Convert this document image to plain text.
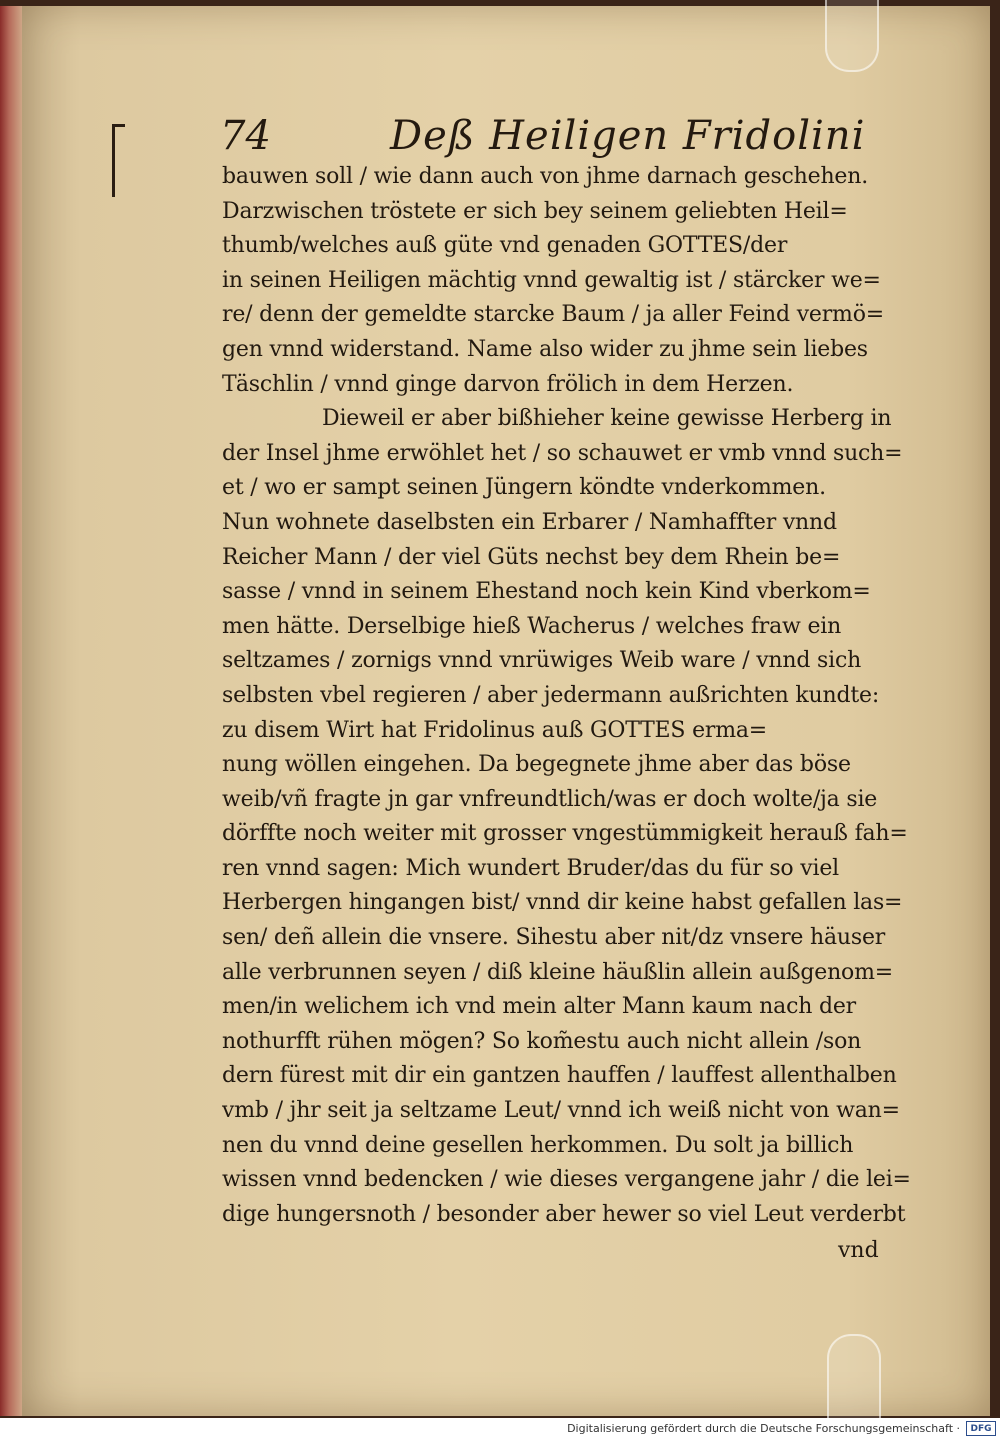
74	Deß Heiligen Fridolini
bauwen soll / wie dann auch von jhme darnach geschehen.
Darzwischen tröstete er sich bey seinem geliebten Heil=
thumb/welches auß güte vnd genaden GOTTES/der
in seinen Heiligen mächtig vnnd gewaltig ist / stärcker we=
re/ denn der gemeldte starcke Baum / ja aller Feind vermö=
gen vnnd widerstand. Name also wider zu jhme sein liebes
Täschlin / vnnd ginge darvon frölich in dem Herzen.
Dieweil er aber bißhieher keine gewisse Herberg in
der Insel jhme erwöhlet het / so schauwet er vmb vnnd such=
et / wo er sampt seinen Jüngern köndte vnderkommen.
Nun wohnete daselbsten ein Erbarer / Namhaffter vnnd
Reicher Mann / der viel Güts nechst bey dem Rhein be=
sasse / vnnd in seinem Ehestand noch kein Kind vberkom=
men hätte. Derselbige hieß Wacherus / welches fraw ein
seltzames / zornigs vnnd vnrüwiges Weib ware / vnnd sich
selbsten vbel regieren / aber jedermann außrichten kundte:
zu disem Wirt hat Fridolinus auß GOTTES erma=
nung wöllen eingehen. Da begegnete jhme aber das böse
weib/vñ fragte jn gar vnfreundtlich/was er doch wolte/ja sie
dörffte noch weiter mit grosser vngestümmigkeit herauß fah=
ren vnnd sagen: Mich wundert Bruder/das du für so viel
Herbergen hingangen bist/ vnnd dir keine habst gefallen las=
sen/ deñ allein die vnsere. Sihestu aber nit/dz vnsere häuser
alle verbrunnen seyen / diß kleine häußlin allein außgenom=
men/in welichem ich vnd mein alter Mann kaum nach der
nothurfft rühen mögen? So kom̃estu auch nicht allein /son
dern fürest mit dir ein gantzen hauffen / lauffest allenthalben
vmb / jhr seit ja seltzame Leut/ vnnd ich weiß nicht von wan=
nen du vnnd deine gesellen herkommen. Du solt ja billich
wissen vnnd bedencken / wie dieses vergangene jahr / die lei=
dige hungersnoth / besonder aber hewer so viel Leut verderbt
vnd
Digitalisierung gefördert durch die Deutsche Forschungsgemeinschaft ·	DFG
